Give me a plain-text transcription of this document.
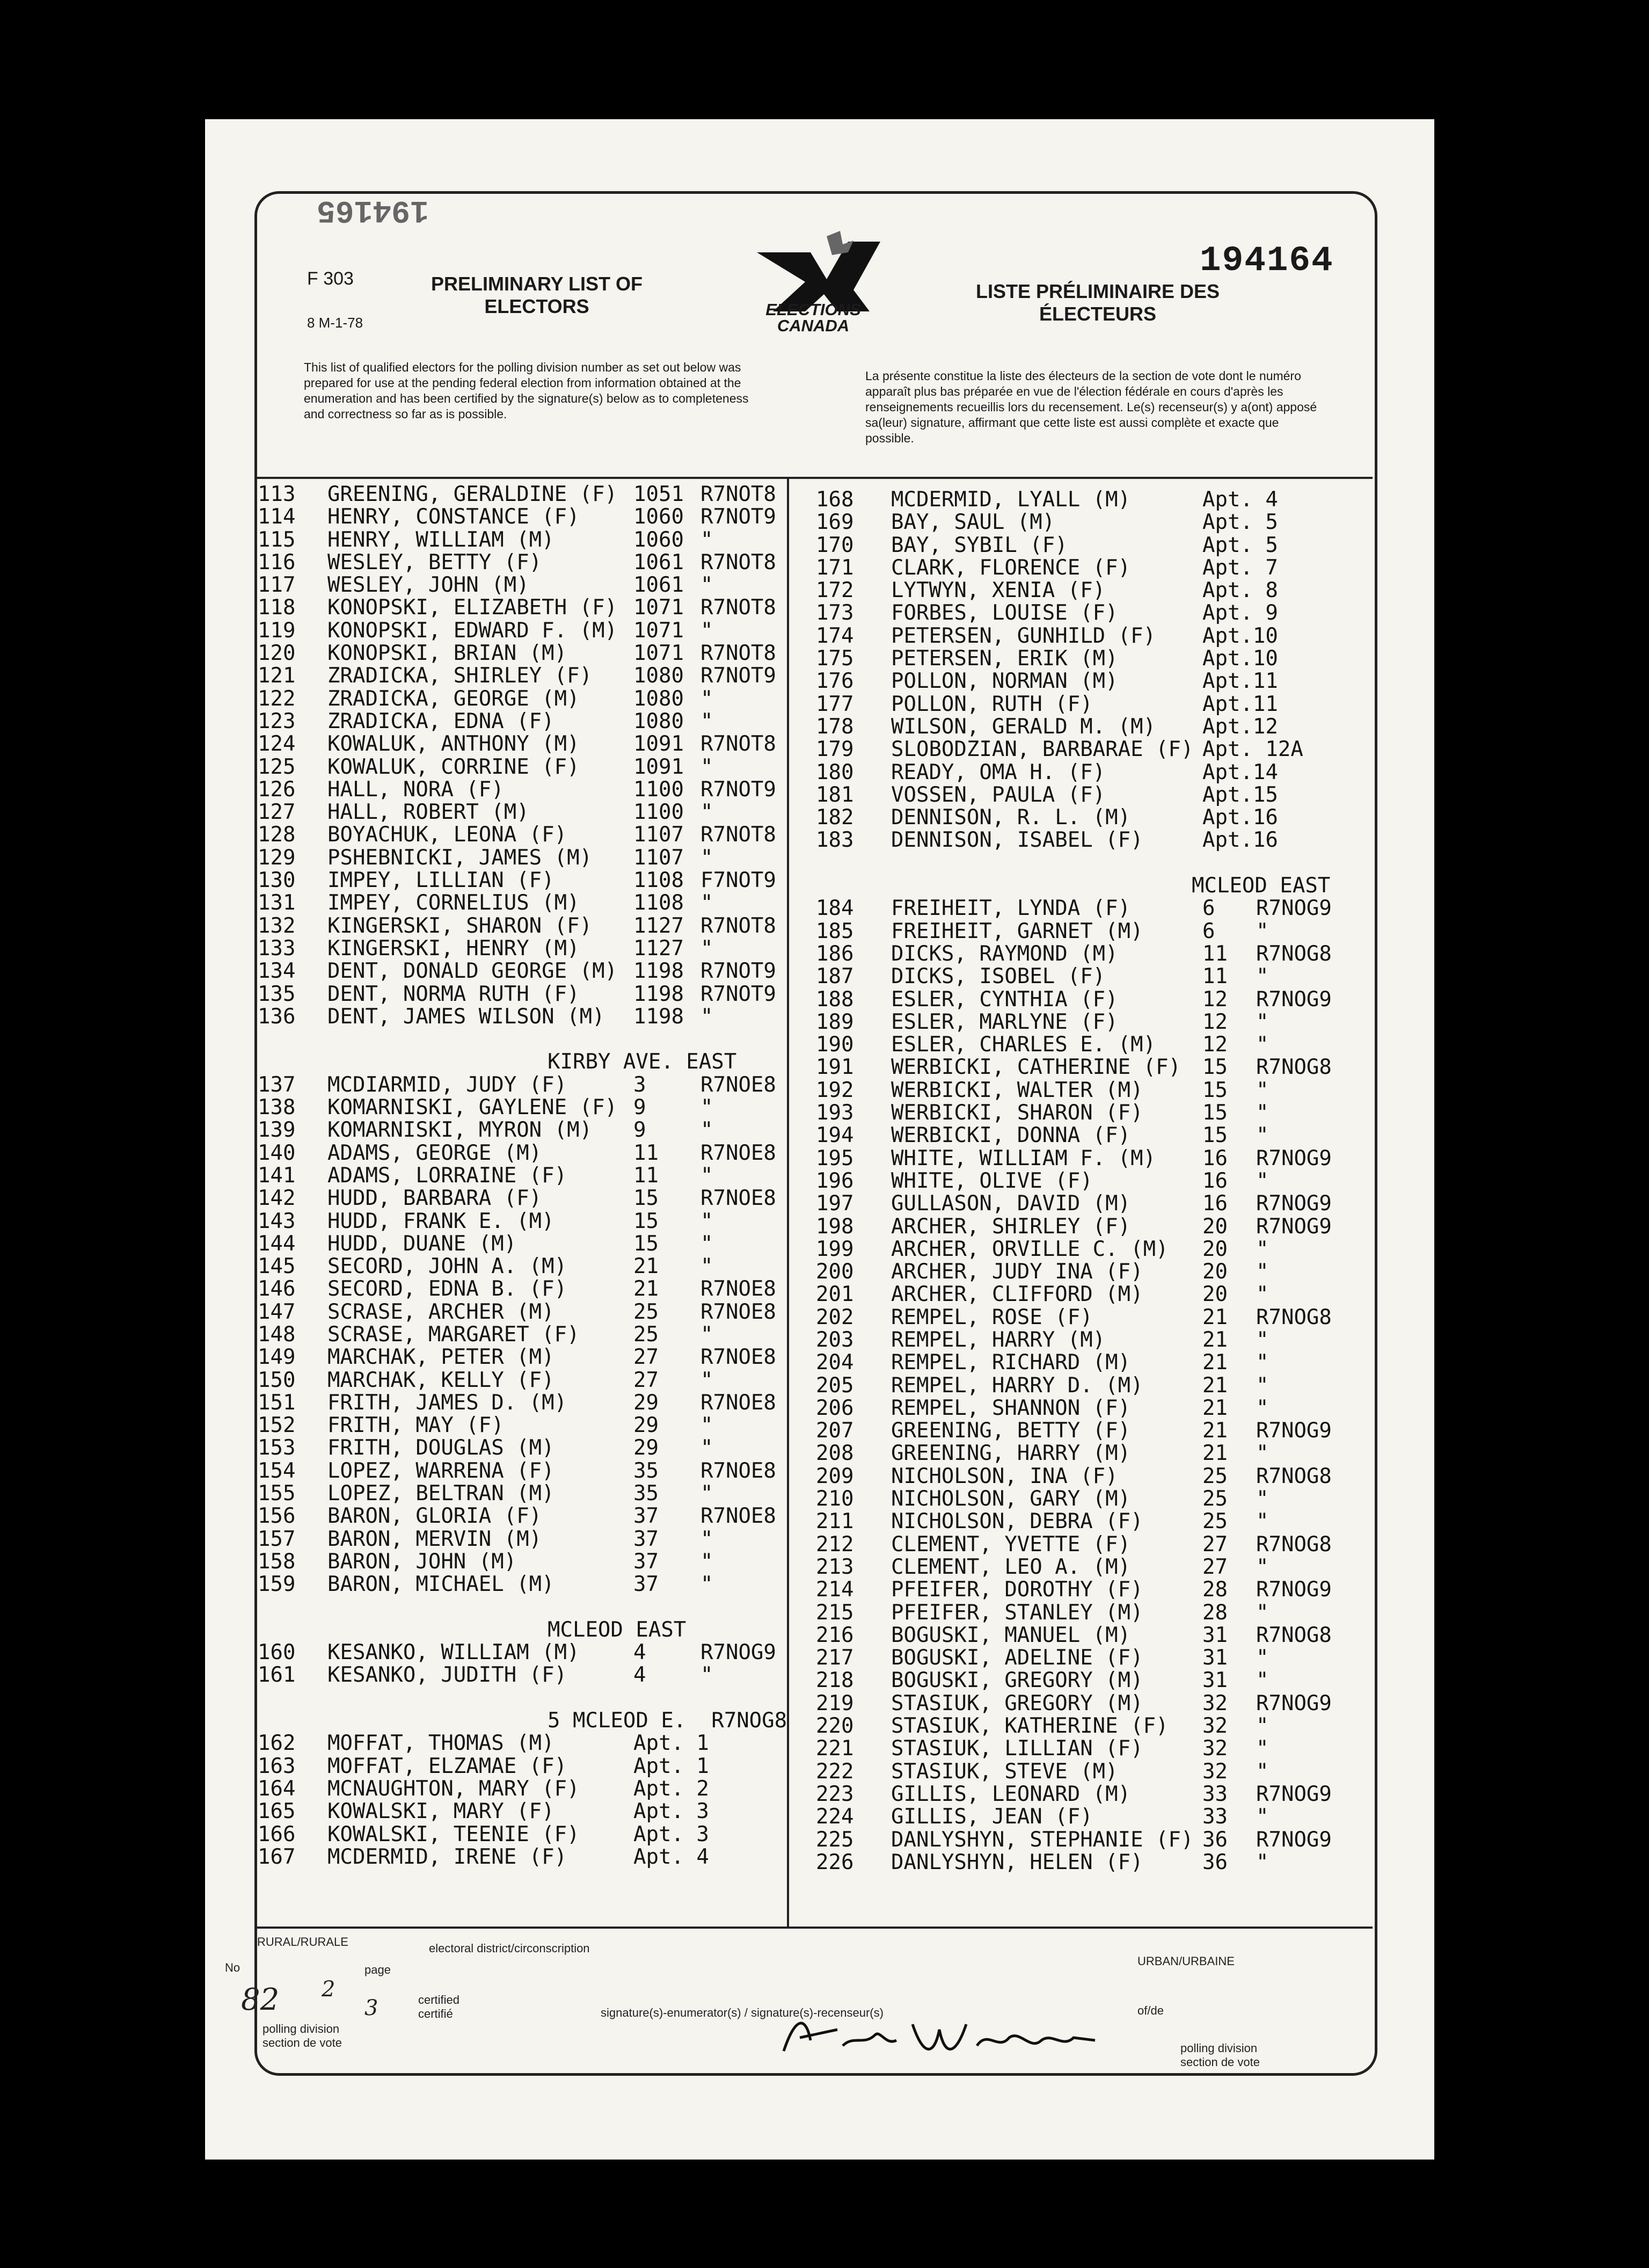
194165
194164
F 303
8 M-1-78
PRELIMINARY LIST OF
ELECTORS
LISTE PRÉLIMINAIRE DES
ÉLECTEURS
ELECTIONS
CANADA
This list of qualified electors for the polling division number as set out below was prepared for use at the pending federal election from information obtained at the enumeration and has been certified by the signature(s) below as to completeness and correctness so far as is possible.
La présente constitue la liste des électeurs de la section de vote dont le numéro apparaît plus bas préparée en vue de l'élection fédérale en cours d'après les renseignements recueillis lors du recensement. Le(s) recenseur(s) y a(ont) apposé sa(leur) signature, affirmant que cette liste est aussi complète et exacte que possible.
113 GREENING, GERALDINE (F) 1051 R7NOT8
114 HENRY, CONSTANCE (F)	1060 R7NOT9
115 HENRY, WILLIAM (M)	1060 "
116 WESLEY, BETTY (F)	1061 R7NOT8
117 WESLEY, JOHN (M)	1061 "
118 KONOPSKI, ELIZABETH (F) 1071 R7NOT8
119 KONOPSKI, EDWARD F. (M) 1071 "
120 KONOPSKI, BRIAN (M)	1071 R7NOT8
121 ZRADICKA, SHIRLEY (F) 1080 R7NOT9
122 ZRADICKA, GEORGE (M)	1080 "
123 ZRADICKA, EDNA (F)	1080 "
124 KOWALUK, ANTHONY (M)	1091 R7NOT8
125 KOWALUK, CORRINE (F)	1091 "
126 HALL, NORA (F)	1100 R7NOT9
127 HALL, ROBERT (M)	1100 "
128 BOYACHUK, LEONA (F)	1107 R7NOT8
129 PSHEBNICKI, JAMES (M) 1107 "
130 IMPEY, LILLIAN (F)	1108 F7NOT9
131 IMPEY, CORNELIUS (M)	1108 "
132 KINGERSKI, SHARON (F) 1127 R7NOT8
133 KINGERSKI, HENRY (M)	1127 "
134 DENT, DONALD GEORGE (M) 1198 R7NOT9
135 DENT, NORMA RUTH (F)	1198 R7NOT9
136 DENT, JAMES WILSON (M) 1198 "
KIRBY AVE. EAST
137 MCDIARMID, JUDY (F)	3	R7NOE8
138 KOMARNISKI, GAYLENE (F) 9	"
139 KOMARNISKI, MYRON (M) 9	"
140 ADAMS, GEORGE (M)	11 R7NOE8
141 ADAMS, LORRAINE (F)	11 "
142 HUDD, BARBARA (F)	15 R7NOE8
143 HUDD, FRANK E. (M)	15 "
144 HUDD, DUANE (M)	15 "
145 SECORD, JOHN A. (M)	21 "
146 SECORD, EDNA B. (F)	21 R7NOE8
147 SCRASE, ARCHER (M)	25 R7NOE8
148 SCRASE, MARGARET (F)	25 "
149 MARCHAK, PETER (M)	27 R7NOE8
150 MARCHAK, KELLY (F)	27 "
151 FRITH, JAMES D. (M)	29 R7NOE8
152 FRITH, MAY (F)	29 "
153 FRITH, DOUGLAS (M)	29 "
154 LOPEZ, WARRENA (F)	35 R7NOE8
155 LOPEZ, BELTRAN (M)	35 "
156 BARON, GLORIA (F)	37 R7NOE8
157 BARON, MERVIN (M)	37 "
158 BARON, JOHN (M)	37 "
159 BARON, MICHAEL (M)	37 "
MCLEOD EAST
160 KESANKO, WILLIAM (M)	4	R7NOG9
161 KESANKO, JUDITH (F)	4	"
5 MCLEOD E.  R7NOG8
162 MOFFAT, THOMAS (M)	Apt. 1
163 MOFFAT, ELZAMAE (F)	Apt. 1
164 MCNAUGHTON, MARY (F)	Apt. 2
165 KOWALSKI, MARY (F)	Apt. 3
166 KOWALSKI, TEENIE (F)	Apt. 3
167 MCDERMID, IRENE (F)	Apt. 4
168 MCDERMID, LYALL (M)	Apt. 4
169 BAY, SAUL (M)	Apt. 5
170 BAY, SYBIL (F)	Apt. 5
171 CLARK, FLORENCE (F)	Apt. 7
172 LYTWYN, XENIA (F)	Apt. 8
173 FORBES, LOUISE (F)	Apt. 9
174 PETERSEN, GUNHILD (F) Apt.10
175 PETERSEN, ERIK (M)	Apt.10
176 POLLON, NORMAN (M)	Apt.11
177 POLLON, RUTH (F)	Apt.11
178 WILSON, GERALD M. (M) Apt.12
179 SLOBODZIAN, BARBARAE (F) Apt. 12A
180 READY, OMA H. (F)	Apt.14
181 VOSSEN, PAULA (F)	Apt.15
182 DENNISON, R. L. (M)	Apt.16
183 DENNISON, ISABEL (F)	Apt.16
MCLEOD EAST
184 FREIHEIT, LYNDA (F)	6 R7NOG9
185 FREIHEIT, GARNET (M)	6 "
186 DICKS, RAYMOND (M)	11 R7NOG8
187 DICKS, ISOBEL (F)	11 "
188 ESLER, CYNTHIA (F)	12 R7NOG9
189 ESLER, MARLYNE (F)	12 "
190 ESLER, CHARLES E. (M) 12 "
191 WERBICKI, CATHERINE (F) 15 R7NOG8
192 WERBICKI, WALTER (M)	15 "
193 WERBICKI, SHARON (F)	15 "
194 WERBICKI, DONNA (F)	15 "
195 WHITE, WILLIAM F. (M) 16 R7NOG9
196 WHITE, OLIVE (F)	16 "
197 GULLASON, DAVID (M)	16 R7NOG9
198 ARCHER, SHIRLEY (F)	20 R7NOG9
199 ARCHER, ORVILLE C. (M) 20 "
200 ARCHER, JUDY INA (F)	20 "
201 ARCHER, CLIFFORD (M)	20 "
202 REMPEL, ROSE (F)	21 R7NOG8
203 REMPEL, HARRY (M)	21 "
204 REMPEL, RICHARD (M)	21 "
205 REMPEL, HARRY D. (M)	21 "
206 REMPEL, SHANNON (F)	21 "
207 GREENING, BETTY (F)	21 R7NOG9
208 GREENING, HARRY (M)	21 "
209 NICHOLSON, INA (F)	25 R7NOG8
210 NICHOLSON, GARY (M)	25 "
211 NICHOLSON, DEBRA (F)	25 "
212 CLEMENT, YVETTE (F)	27 R7NOG8
213 CLEMENT, LEO A. (M)	27 "
214 PFEIFER, DOROTHY (F)	28 R7NOG9
215 PFEIFER, STANLEY (M)	28 "
216 BOGUSKI, MANUEL (M)	31 R7NOG8
217 BOGUSKI, ADELINE (F)	31 "
218 BOGUSKI, GREGORY (M)	31 "
219 STASIUK, GREGORY (M)	32 R7NOG9
220 STASIUK, KATHERINE (F) 32 "
221 STASIUK, LILLIAN (F)	32 "
222 STASIUK, STEVE (M)	32 "
223 GILLIS, LEONARD (M)	33 R7NOG9
224 GILLIS, JEAN (F)	33 "
225 DANLYSHYN, STEPHANIE (F) 36 R7NOG9
226 DANLYSHYN, HELEN (F)	36 "
RURAL/RURALE	electoral district/circonscription
No	page
82 2
3	certified
certifié	signature(s)-enumerator(s) / signature(s)-recenseur(s)
polling division
section de vote
URBAN/URBAINE
of/de
polling division
section de vote
